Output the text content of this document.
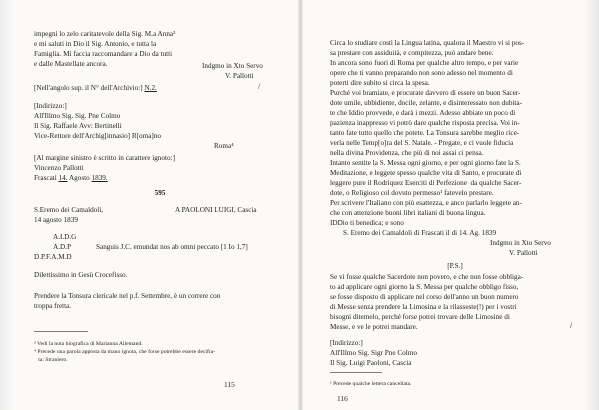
impegni lo zelo caritatevole della Sig. M.a Anna³

e mi saluti in Dio il Sig. Antonio, e tutta la

Famiglia. Mi faccia raccomandare a Dio da tutti

e dalle Mastellate ancora.	Indgmo in Xto Servo

V. Pallotti

[Nell'angolo sup. il N° dell'Archivio:] N.2.	/

[Indirizzo:]

All'Illmo Sig. Sig. Pne Colmo

Il Sig. Raffaele Avv: Bertinelli

Vice-Rettore dell'Archig[innasio] R[oma]no

Roma⁴

[Al margine sinistro è scritto in carattere ignoto:]

Vincenzo Pallotti

Frascati 14. Agosto 1839.

595

S.Eremo dei Camaldoli,	A PAOLONI LUIGI, Cascia

14 agosto 1839

A.I.D.G

A.D.P	Sanguis J.C. emundat nos ab omni peccato [1 Io 1,7]

D.P.F.A.M.D

Dilettissimo in Gesù Crocefisso.

Prendere la Tonsura clericale nel p.f. Settembre, è un correre con

troppa fretta.

³ Vedi la nota biografica di Marianna Allemand.

⁴ Precede una parola apposta da mano ignota, che forse potrebbe essere decifra-

ta: Straniero.

115

Circa lo studiare costì la Lingua latina, qualora il Maestro vi si pos-

sa prestare con assiduità, e compitezza, può andare bene.

In ancora sono fuori di Roma per qualche altro tempo, e per varie

opere che ti vanno preparando non sono adesso nel momento di

poterti dire subito si circa la spesa.

Purché voi bramiate, e procurate davvero di essere un buon Sacer-

dote umile, ubbidiente, docile, zelante, e disinteressato non dubita-

te che Iddio provvede, e darà i mezzi. Adesso abbiate un poco di

pazienza inappresso vi potrò dare qualche risposta precisa. Voi in-

tanto fate tutto quello che potete. La Tonsura sarebbe meglio rice-

verla nelle Temp[o]ra del S. Natale. - Pregate, e ci vuole fiducia

nella divina Providenza, che più di noi assai ci pensa.

Intanto sentite la S. Messa ogni giorno, e per ogni giorno fate la S.

Meditazione, e leggete spesso qualche vita di Santo, e procurate di

leggere pure il Rodriquez Eserciti di Perfezione  da qualche Sacer-

dote, o Religioso col dovuto permesso¹ fatevelo prestare.

Per scrivere l'Italiano con più esattezza, e anco parlarlo leggete an-

che con attenzione buoni libri italiani di buona lingua.

IDDio ti benedica; e sono

S. Eremo dei Camaldoli di Frascati il di 14. Ag. 1839

Indgmo in Xto Servo

V. Pallotti

[P.S.]

Se vi fosse qualche Sacerdote non povero, e che non fosse obbliga-

to ad applicare ogni giorno la S. Messa per qualche obbligo fisso,

se fosse disposto di applicare nel corso dell'anno un buon numero

di Messe senza prendere la Limosina e la rilasseste(!) per i vostri

bisogni ditemelo, perché forse potrei trovare delle Limosine di

Messe, e ve le potrei mandare.	/

[Indirizzo:]

All'Illmo Sig. Sigr Pne Colmo

Il Sig. Luigi Paoloni, Cascia

¹ Precede qualche lettera cancellata.

116
